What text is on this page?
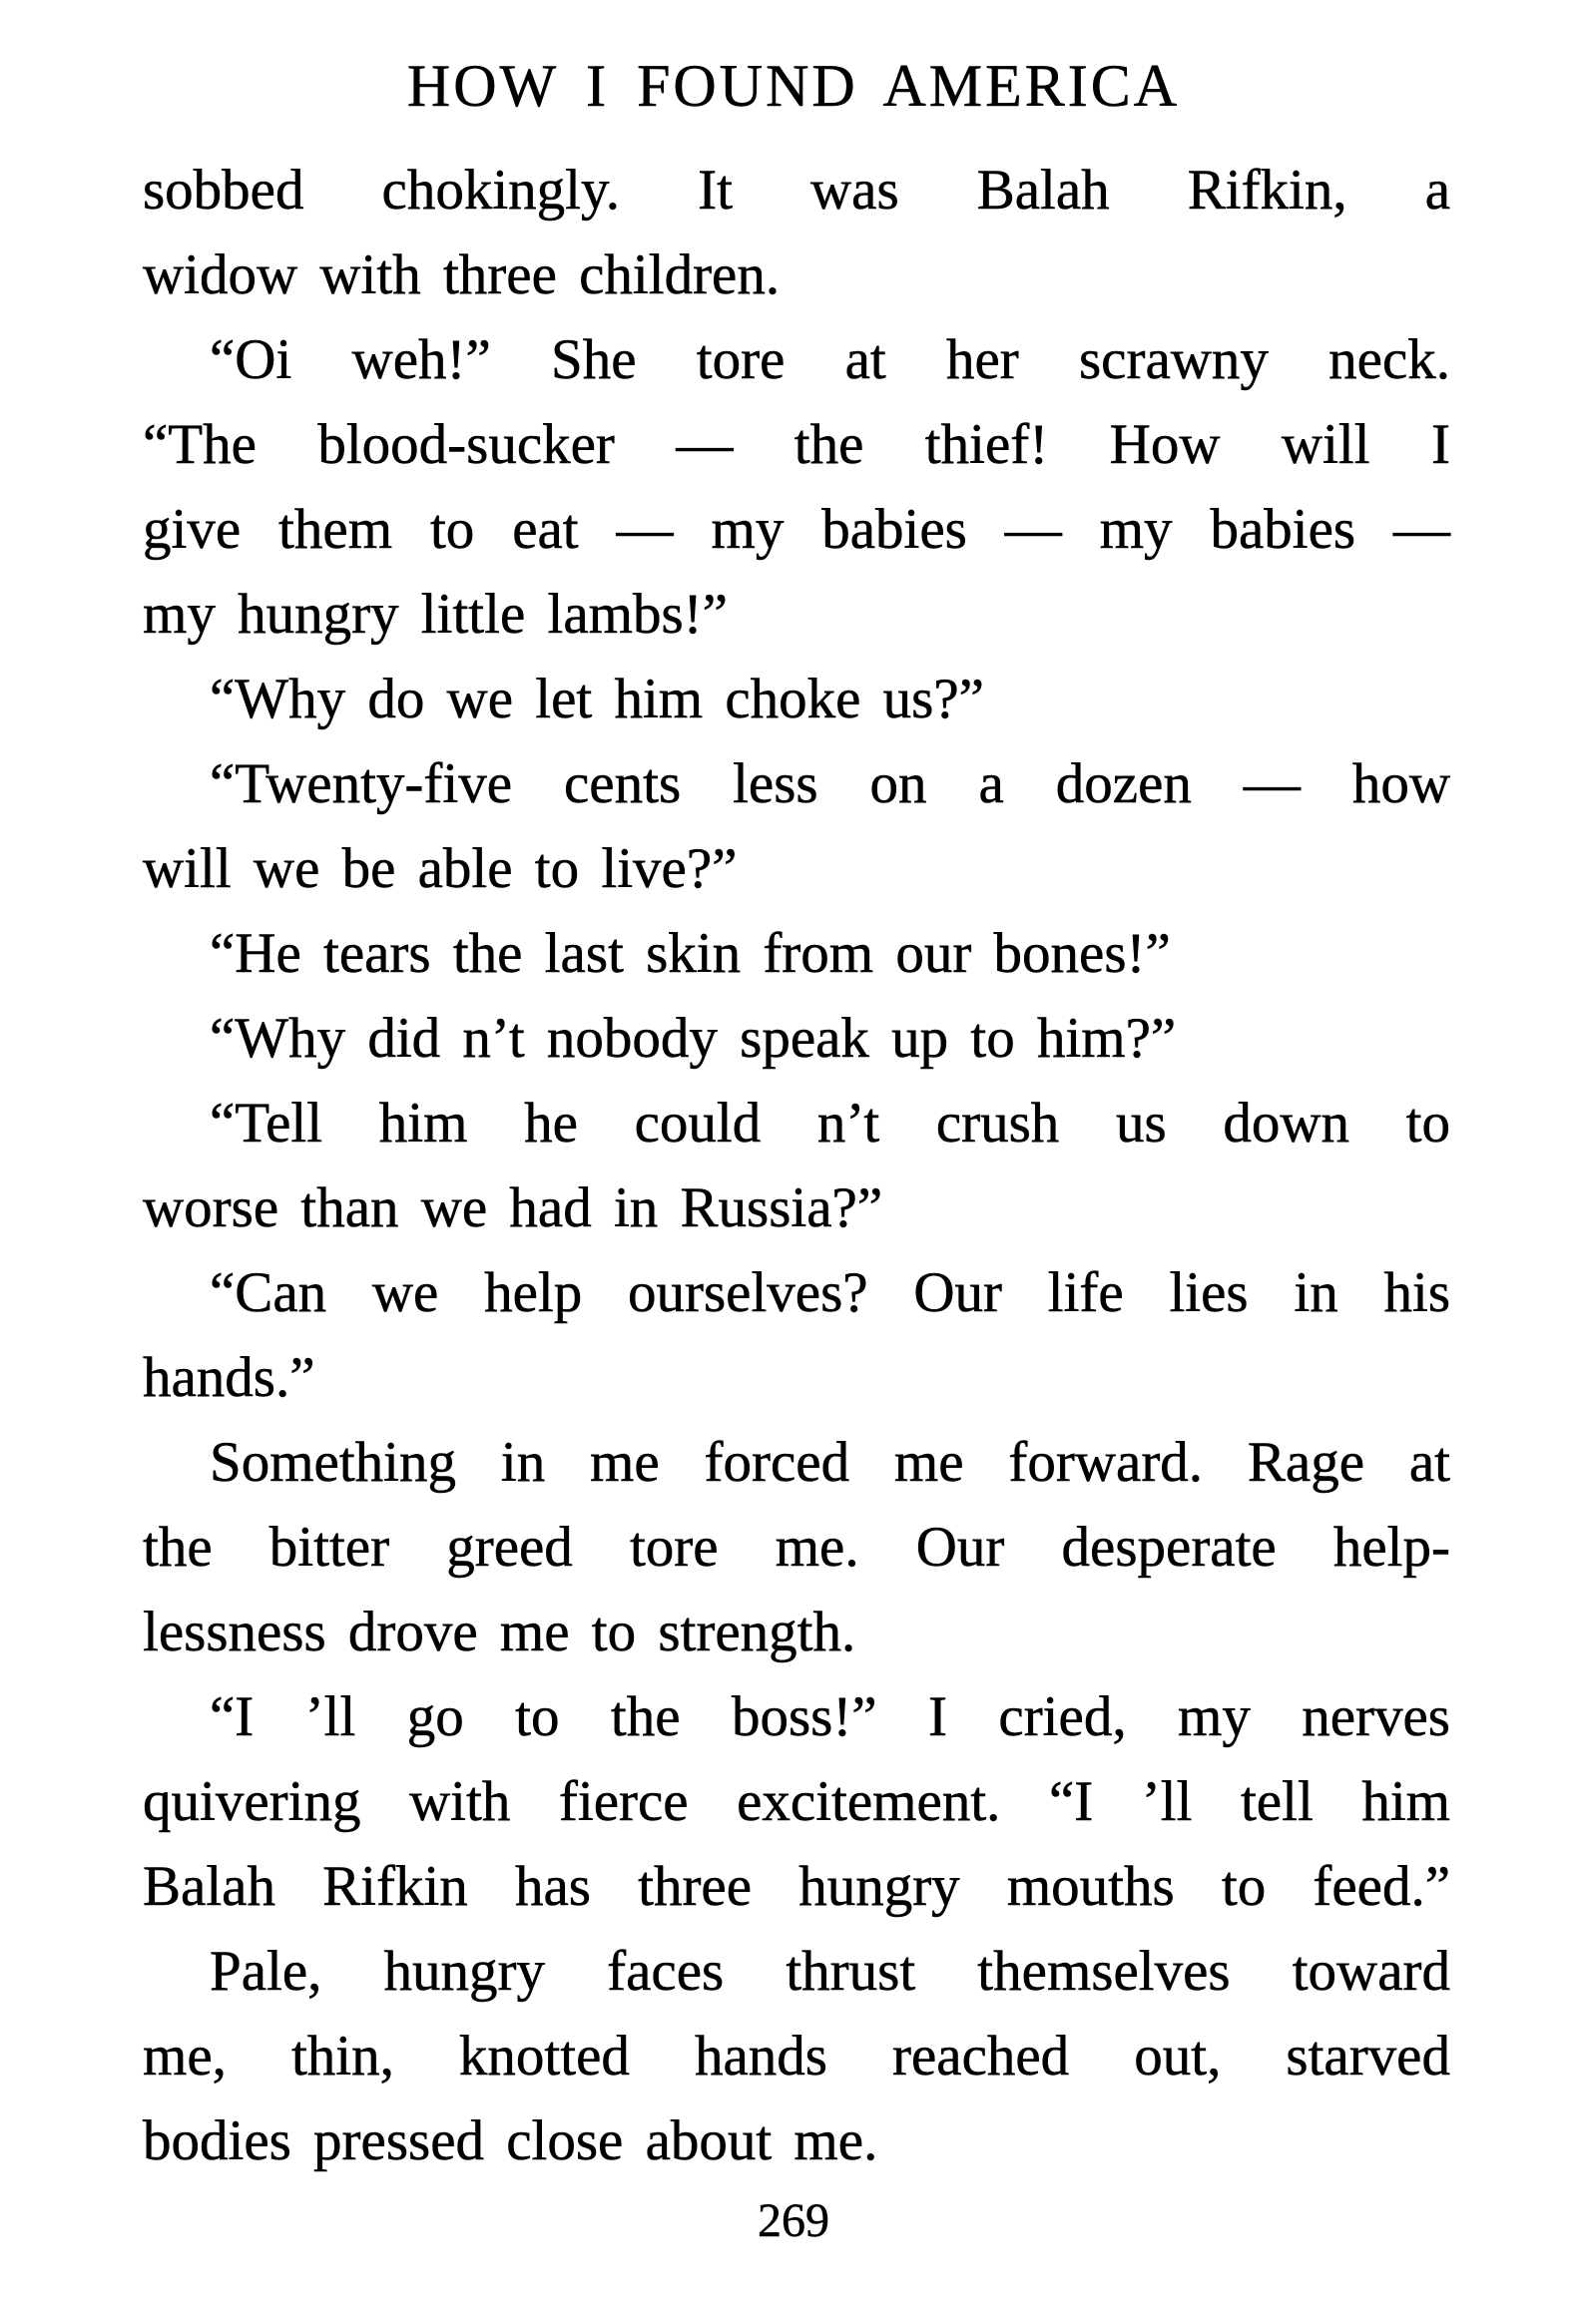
HOW I FOUND AMERICA
sobbed chokingly. It was Balah Rifkin, a
widow with three children.
“Oi weh!” She tore at her scrawny neck.
“The blood-sucker — the thief! How will I
give them to eat — my babies — my babies —
my hungry little lambs!”
“Why do we let him choke us?”
“Twenty-five cents less on a dozen — how
will we be able to live?”
“He tears the last skin from our bones!”
“Why did n’t nobody speak up to him?”
“Tell him he could n’t crush us down to
worse than we had in Russia?”
“Can we help ourselves? Our life lies in his
hands.”
Something in me forced me forward. Rage at
the bitter greed tore me. Our desperate help-
lessness drove me to strength.
“I ’ll go to the boss!” I cried, my nerves
quivering with fierce excitement. “I ’ll tell him
Balah Rifkin has three hungry mouths to feed.”
Pale, hungry faces thrust themselves toward
me, thin, knotted hands reached out, starved
bodies pressed close about me.
269
